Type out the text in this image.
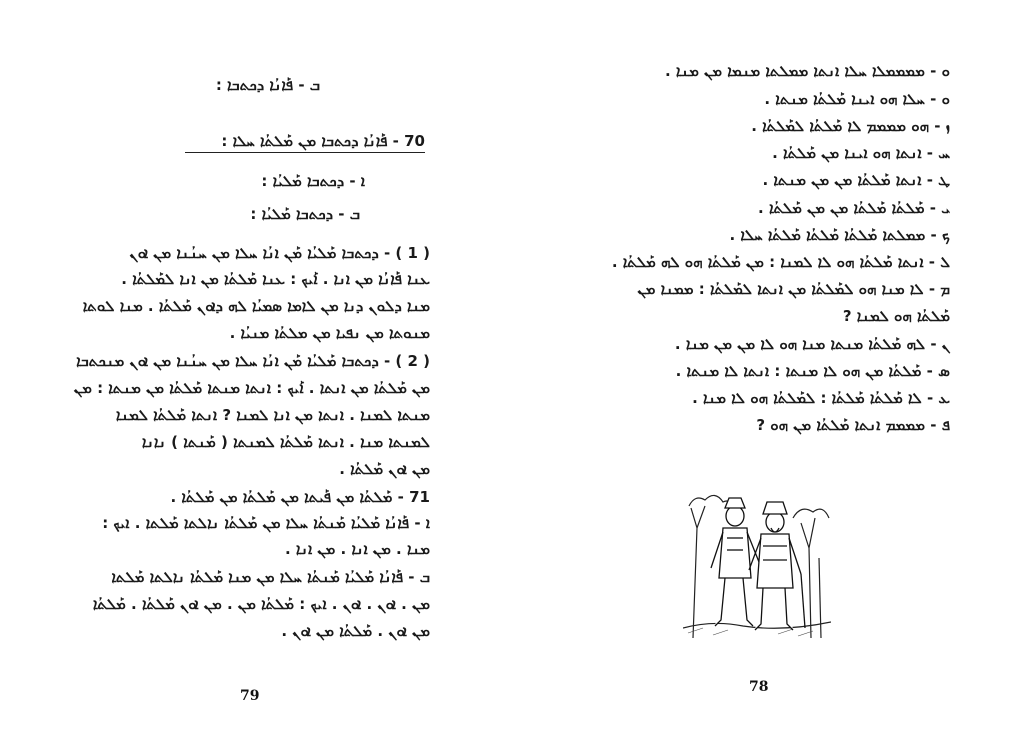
ܒ - ܦܰܐܢܳܐ ܕܟܬܒܐ :
70 - ܦܰܐܢܳܐ ܕܟܬܒܐ ܡܢ ܡܰܠܬܳܐ ܚܠܐ :
ܐ - ܕܟܬܒܐ ܡܰܠܝܳܐ :
ܒ - ܕܟܬܒܐ ܡܰܠܝܳܐ :
( 1 ) - ܕܟܬܒܐ ܡܰܠܝܳܐ ܡܰܢ ܐܢܳܐ ܚܠܐ ܡܢ ܚܢܳܢܐ ܡܢ ܐܘܢ
ܥܢܐ ܦܰܐܢܳܐ ܡܢ ܐܢܐ . ܐܰܝܟ : ܥܢܐ ܡܰܠܬܳܐ ܡܢ ܐܢܐ ܠܡܰܠܬܳܐ .
ܡܢܐ ܕܠܘܢ ܕܢܐ ܡܢ ܠܐܡܐ ܣܡܝܳܐ ܠܗ ܕܐܘܢ ܡܰܠܬܳܐ . ܡܢܐ ܠܘܬܐ
ܡܢܘܬܐ ܡܢ ܢܦܝܐ ܡܢ ܡܠܬܳܐ ܡܢܝܳܐ .
( 2 ) - ܕܟܬܒܐ ܡܰܠܝܳܐ ܡܰܢ ܐܢܳܐ ܚܠܐ ܡܢ ܚܢܳܢܐ ܡܢ ܐܘܢ ܡܢܟܬܒܐ
ܡܢ ܡܰܠܬܳܐ ܡܢ ܐܢܬܐ . ܐܰܝܟ : ܐܢܬܐ ܡܢܬܐ ܡܰܠܬܳܐ ܡܢ ܡܢܬܐ : ܡܢ
ܡܢܬܐ ܠܡܢܐ . ܐܢܬܐ ܡܢ ܐܢܐ ܠܡܢܐ ? ܐܢܬܐ ܡܰܠܬܳܐ ܠܡܢܐ
ܠܡܢܬܐ ܡܢܐ . ܐܢܬܐ ܡܰܠܬܳܐ ܠܡܢܬܐ ( ܡܰܢܬܐ ) ܢܐܢܐ
ܡܢ ܐܘܢ ܡܰܠܬܳܐ .
71 - ܡܰܠܬܳܐ ܡܢ ܦܰܝܬܐ ܡܢ ܡܰܠܬܳܐ ܡܢ ܡܰܠܬܳܐ .
ܐ - ܦܰܐܢܳܐ ܡܰܠܝܳܐ ܡܰܢܬܳܐ ܚܠܐ ܡܢ ܡܰܠܬܳܐ ܢܐܠܬܐ ܡܰܠܬܐ . ܐܝܟ :
ܡܢܐ . ܡܢ ܐܢܐ . ܡܢ ܐܢܐ .
ܒ - ܦܰܐܢܳܐ ܡܰܠܝܳܐ ܡܰܢܬܳܐ ܚܠܐ ܡܢ ܡܢܐ ܡܰܠܬܳܐ ܢܐܠܬܐ ܡܰܠܬܐ
ܡܢ . ܐܘܢ . ܐܘܢ . ܐܝܟ : ܡܰܠܬܳܐ ܡܢ . ܡܢ ܐܘܢ ܡܰܠܬܳܐ . ܡܰܠܬܳܐ
ܡܢ ܐܘܢ . ܡܰܠܬܳܐ ܡܢ ܐܘܢ .
79
ܘ - ܡܡܡܡܠܐ ܚܠܐ ܐܢܬܐ ܡܡܠܬܐ ܡܢܡܐ ܡܢ ܡܢܐ .
ܘ - ܚܠܐ ܗܘ ܐܝܢܐ ܡܰܠܬܳܐ ܡܢܬܐ .
ܙ - ܗܘ ܡܡܡܡ ܠܐ ܡܰܠܬܳܐ ܠܡܰܠܬܳܐ .
ܚ - ܐܢܬܐ ܗܘ ܐܝܢܐ ܡܢ ܡܰܠܬܳܐ .
ܛ - ܐܢܬܐ ܡܰܠܬܳܐ ܡܢ ܡܢ ܡܢܬܐ .
ܝ - ܡܰܠܬܳܐ ܡܰܠܬܳܐ ܡܢ ܡܢ ܡܰܠܬܳܐ .
ܟ - ܡܡܠܬܐ ܡܰܠܬܳܐ ܡܰܠܬܳܐ ܡܰܠܬܳܐ ܚܠܐ .
ܠ - ܐܢܬܐ ܡܰܠܬܳܐ ܗܘ ܠܐ ܠܡܢܐ : ܡܢ ܡܰܠܬܳܐ ܗܘ ܠܗ ܡܰܠܬܳܐ .
ܡ - ܠܐ ܡܢܐ ܗܘ ܠܡܰܠܬܳܐ ܡܢ ܐܢܬܐ ܠܡܰܠܬܳܐ : ܡܡܢܐ ܡܢ
ܡܰܠܬܳܐ ܗܘ ܠܡܢܐ ?
ܢ - ܠܗ ܡܰܠܬܳܐ ܡܢܬܐ ܡܢܐ ܗܘ ܠܐ ܡܢ ܡܢ ܡܢܐ .
ܣ - ܡܰܠܬܳܐ ܡܢ ܗܘ ܠܐ ܡܢܬܐ : ܐܢܬܐ ܠܐ ܡܢܬܐ .
ܥ - ܠܐ ܡܰܠܬܳܐ ܡܰܠܬܳܐ : ܠܡܰܠܬܳܐ ܗܘ ܠܐ ܡܢܐ .
ܦ - ܡܡܡܡ ܐܢܬܐ ܡܰܠܬܳܐ ܡܢ ܗܘ ?
78
